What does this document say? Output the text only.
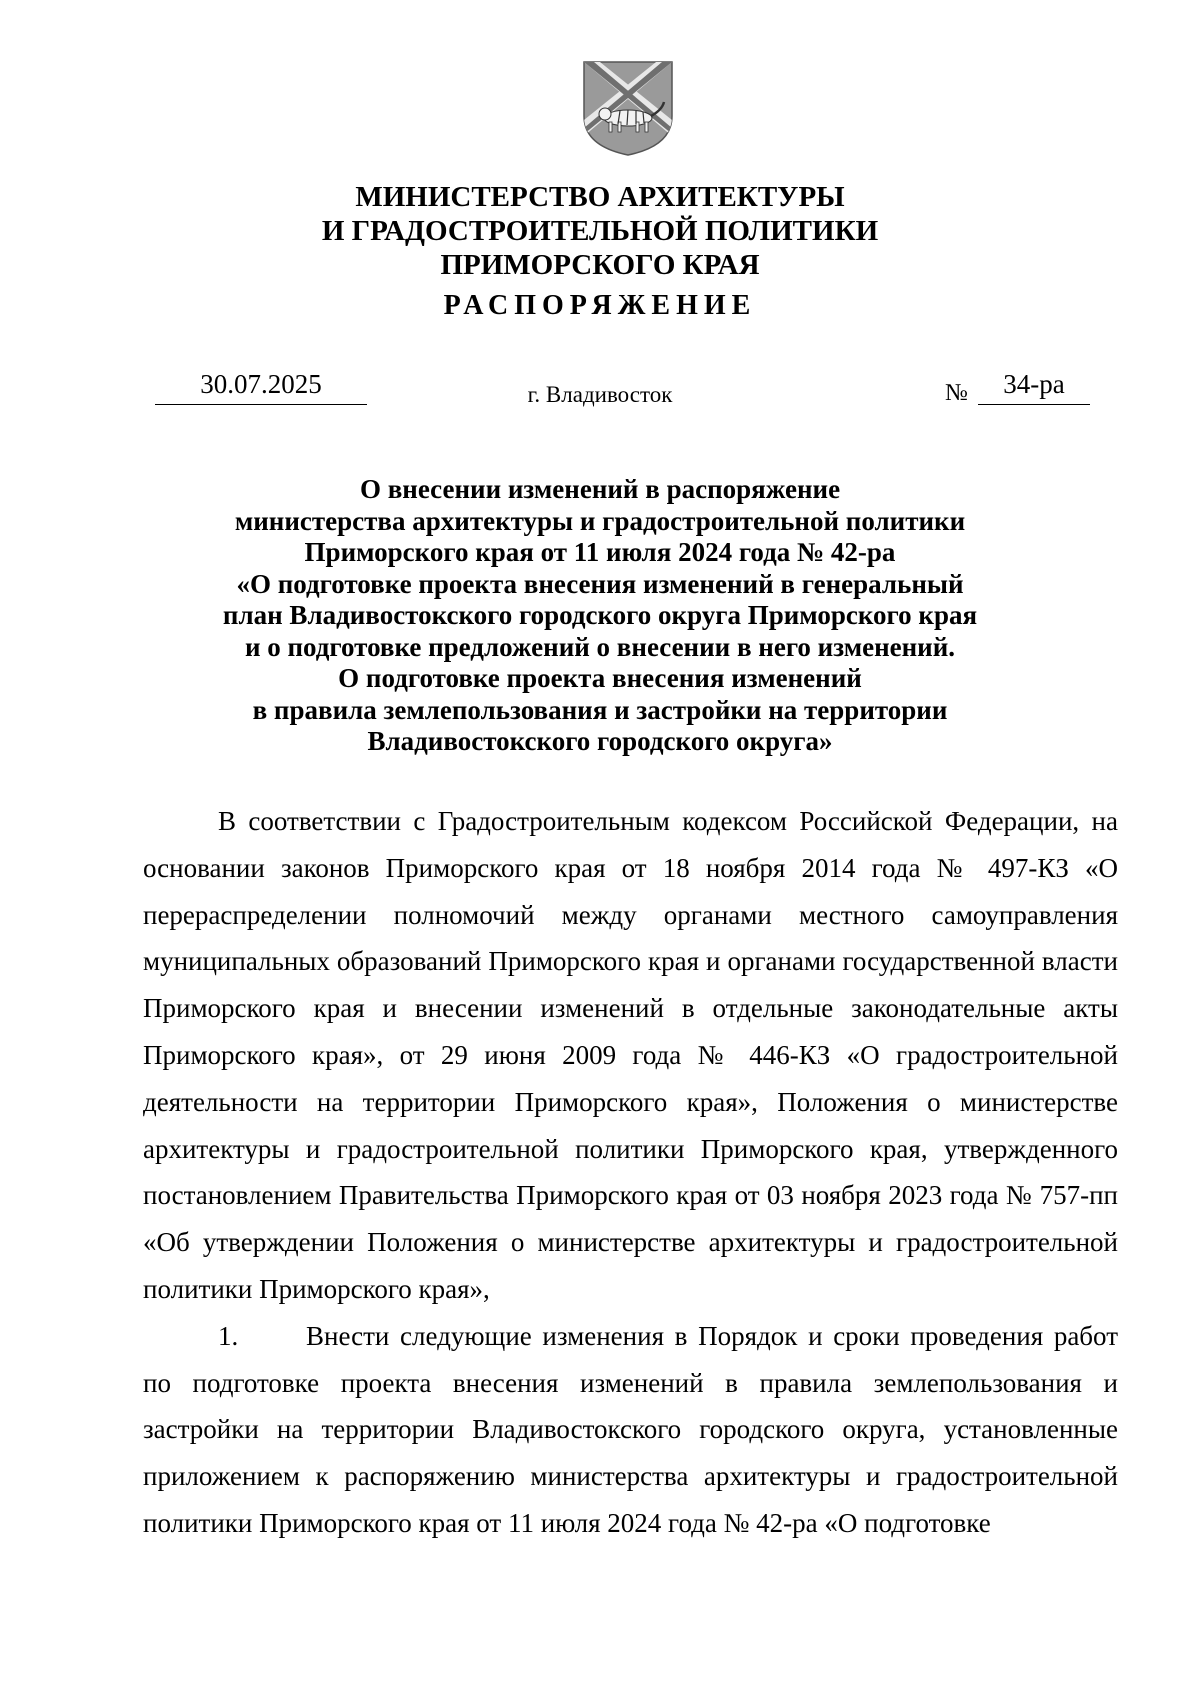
МИНИСТЕРСТВО АРХИТЕКТУРЫ
И ГРАДОСТРОИТЕЛЬНОЙ ПОЛИТИКИ
ПРИМОРСКОГО КРАЯ
РАСПОРЯЖЕНИЕ
30.07.2025	г. Владивосток	№	34-ра
О внесении изменений в распоряжение
министерства архитектуры и градостроительной политики
Приморского края от 11 июля 2024 года № 42-ра
«О подготовке проекта внесения изменений в генеральный
план Владивостокского городского округа Приморского края
и о подготовке предложений о внесении в него изменений.
О подготовке проекта внесения изменений
в правила землепользования и застройки на территории
Владивостокского городского округа»

В соответствии с Градостроительным кодексом Российской Федерации, на основании законов Приморского края от 18 ноября 2014 года № 497-КЗ «О перераспределении полномочий между органами местного самоуправления муниципальных образований Приморского края и органами государственной власти Приморского края и внесении изменений в отдельные законодательные акты Приморского края», от 29 июня 2009 года № 446-КЗ «О градостроительной деятельности на территории Приморского края», Положения о министерстве архитектуры и градостроительной политики Приморского края, утвержденного постановлением Правительства Приморского края от 03 ноября 2023 года № 757-пп «Об утверждении Положения о министерстве архитектуры и градостроительной политики Приморского края»,

1.	Внести следующие изменения в Порядок и сроки проведения работ по подготовке проекта внесения изменений в правила землепользования и застройки на территории Владивостокского городского округа, установленные приложением к распоряжению министерства архитектуры и градостроительной политики Приморского края от 11 июля 2024 года № 42-ра «О подготовке
